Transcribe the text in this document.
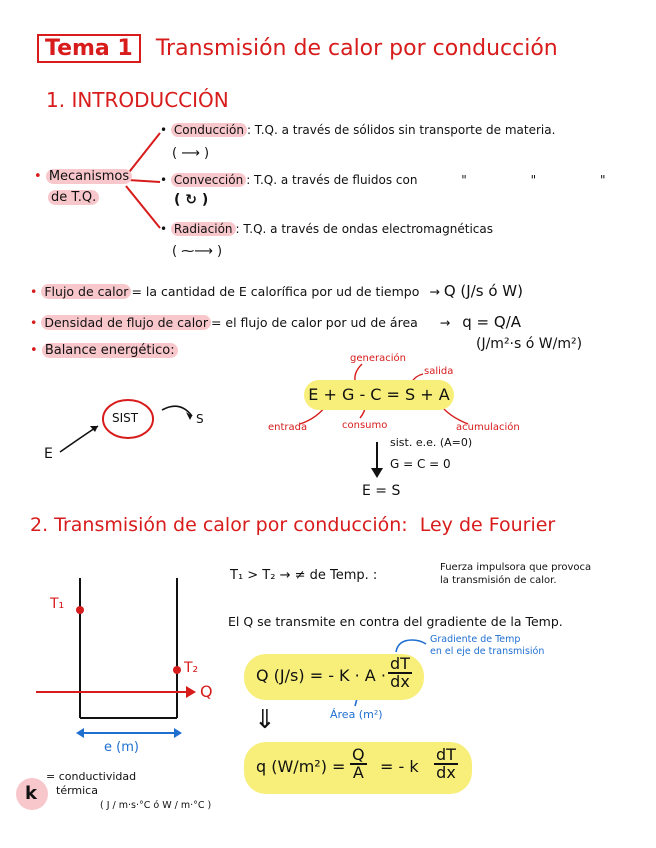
Tema 1 Transmisión de calor por conducción
1. INTRODUCCIÓN
• Mecanismos
de T.Q.
• Conducción : T.Q. a través de sólidos sin transporte de materia.
( ⟶ )
• Convección : T.Q. a través de fluidos con	"	"	"
( ↻ )
• Radiación : T.Q. a través de ondas electromagnéticas
( ⁓⟶ )
• Flujo de calor = la cantidad de E calorífica por ud de tiempo → Q (J/s ó W)
• Densidad de flujo de calor = el flujo de calor por ud de área → q = Q/A
(J/m²·s ó W/m²)
• Balance energético:
SIST	S
E
generación
salida
E + G - C = S + A
entrada	consumo	acumulación
sist. e.e. (A=0)
G = C = 0
E = S
2. Transmisión de calor por conducción: Ley de Fourier
T₁
T₂
Q
e (m)
T₁ > T₂ → ≠ de Temp. :
Fuerza impulsora que provoca
la transmisión de calor.
El Q se transmite en contra del gradiente de la Temp.
Gradiente de Temp
en el eje de transmisión
Q (J/s) = - $K \cdot A \cdot \frac{dT}{dx}$
Área (m²)
⇓
q $(W/m^2) = \frac{Q}{A}$ = - k $\frac{dT}{dx}$
k
= conductividad
térmica
( J / m·s·°C ó W / m·°C )
